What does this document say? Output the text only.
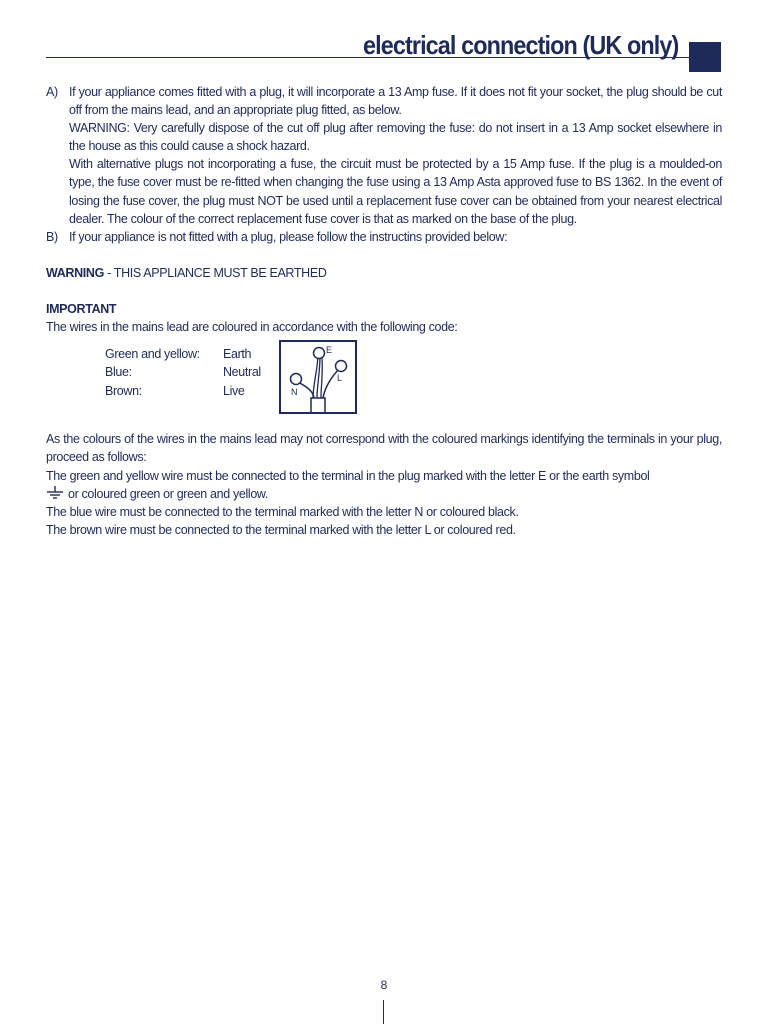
electrical connection (UK only)
A) If your appliance comes fitted with a plug, it will incorporate a 13 Amp fuse. If it does not fit your socket, the plug should be cut off from the mains lead, and an appropriate plug fitted, as below.

WARNING: Very carefully dispose of the cut off plug after removing the fuse: do not insert in a 13 Amp socket elsewhere in the house as this could cause a shock hazard.

With alternative plugs not incorporating a fuse, the circuit must be protected by a 15 Amp fuse. If the plug is a moulded-on type, the fuse cover must be re-fitted when changing the fuse using a 13 Amp Asta approved fuse to BS 1362. In the event of losing the fuse cover, the plug must NOT be used until a replacement fuse cover can be obtained from your nearest electrical dealer. The colour of the correct replacement fuse cover is that as marked on the base of the plug.

B) If your appliance is not fitted with a plug, please follow the instructins provided below:

WARNING - THIS APPLIANCE MUST BE EARTHED

IMPORTANT

The wires in the mains lead are coloured in accordance with the following code:

Green and yellow: Earth
Blue:	Neutral
Brown:	Live
E
L
N

As the colours of the wires in the mains lead may not correspond with the coloured markings identifying the terminals in your plug, proceed as follows:

The green and yellow wire must be connected to the terminal in the plug marked with the letter E or the earth symbol

or coloured green or green and yellow.

The blue wire must be connected to the terminal marked with the letter N or coloured black.

The brown wire must be connected to the terminal marked with the letter L or coloured red.

8
